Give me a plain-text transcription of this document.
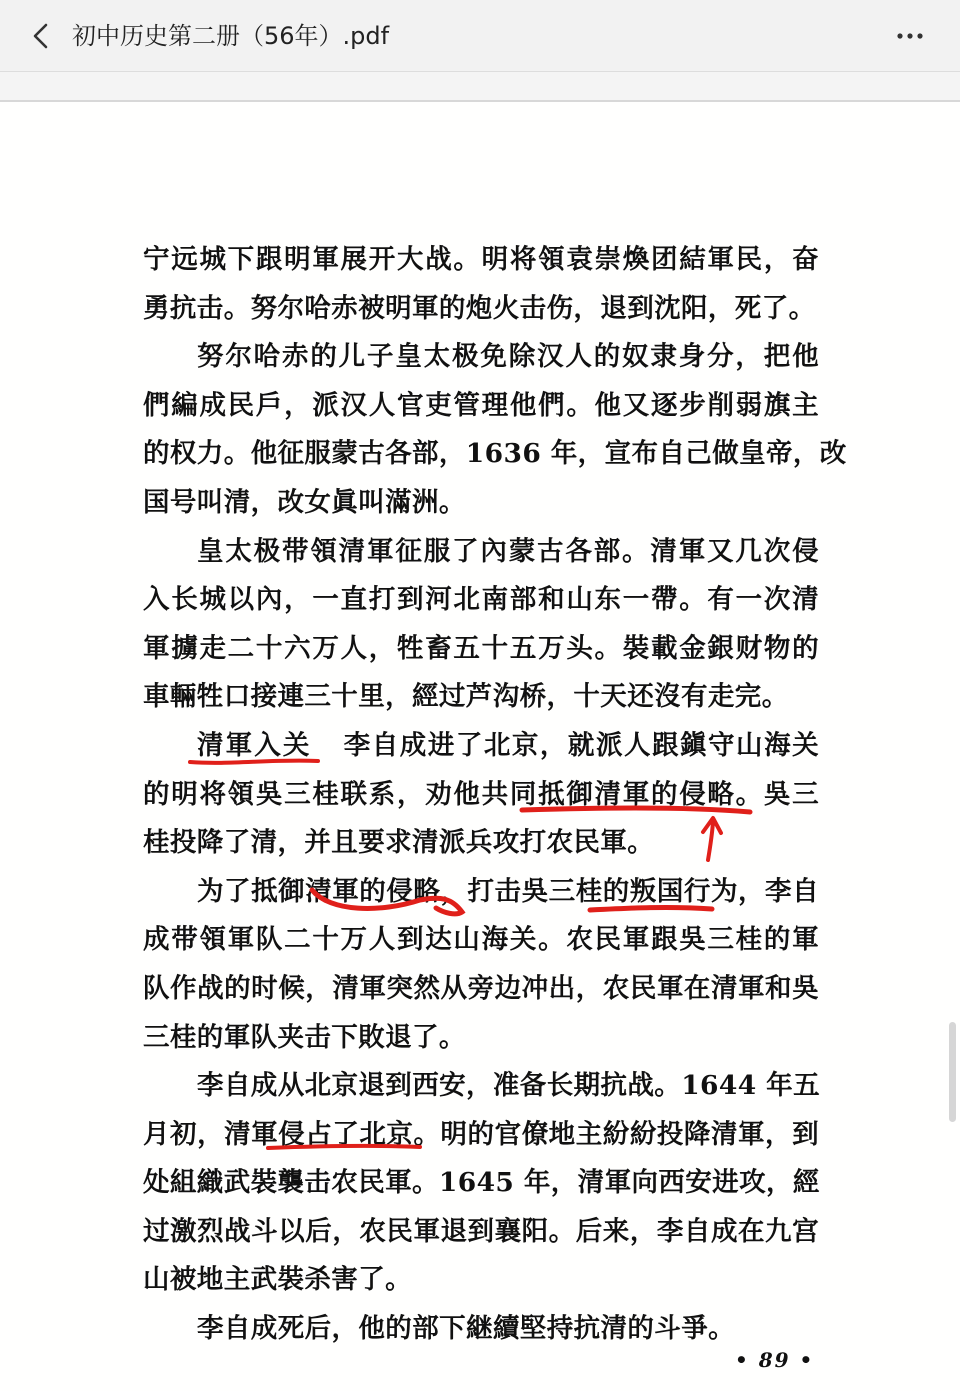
初中历史第二册（56年）.pdf
宁远城下跟明軍展开大战。明将領袁崇煥团結軍民，奋
勇抗击。努尔哈赤被明軍的炮火击伤，退到沈阳，死了。
努尔哈赤的儿子皇太极免除汉人的奴隶身分，把他
們編成民戶，派汉人官吏管理他們。他又逐步削弱旗主
的权力。他征服蒙古各部，1636 年，宣布自己做皇帝，改
国号叫清，改女眞叫滿洲。
皇太极带領清軍征服了內蒙古各部。清軍又几次侵
入长城以內，一直打到河北南部和山东一帶。有一次清
軍擄走二十六万人，牲畜五十五万头。裝載金銀财物的
車輛牲口接連三十里，經过芦沟桥，十天还沒有走完。
清軍入关 李自成进了北京，就派人跟鎭守山海关
的明将領吳三桂联系，劝他共同抵御清軍的侵略。吳三
桂投降了清，并且要求清派兵攻打农民軍。
为了抵御清軍的侵略，打击吳三桂的叛国行为，李自
成带領軍队二十万人到达山海关。农民軍跟吳三桂的軍
队作战的时候，清軍突然从旁边冲出，农民軍在清軍和吳
三桂的軍队夹击下敗退了。
李自成从北京退到西安，准备长期抗战。1644 年五
月初，清軍侵占了北京。明的官僚地主紛紛投降清軍，到
处組織武裝襲击农民軍。1645 年，清軍向西安进攻，經
过激烈战斗以后，农民軍退到襄阳。后来，李自成在九宫
山被地主武裝杀害了。
李自成死后，他的部下継續堅持抗清的斗爭。
• 89 •
